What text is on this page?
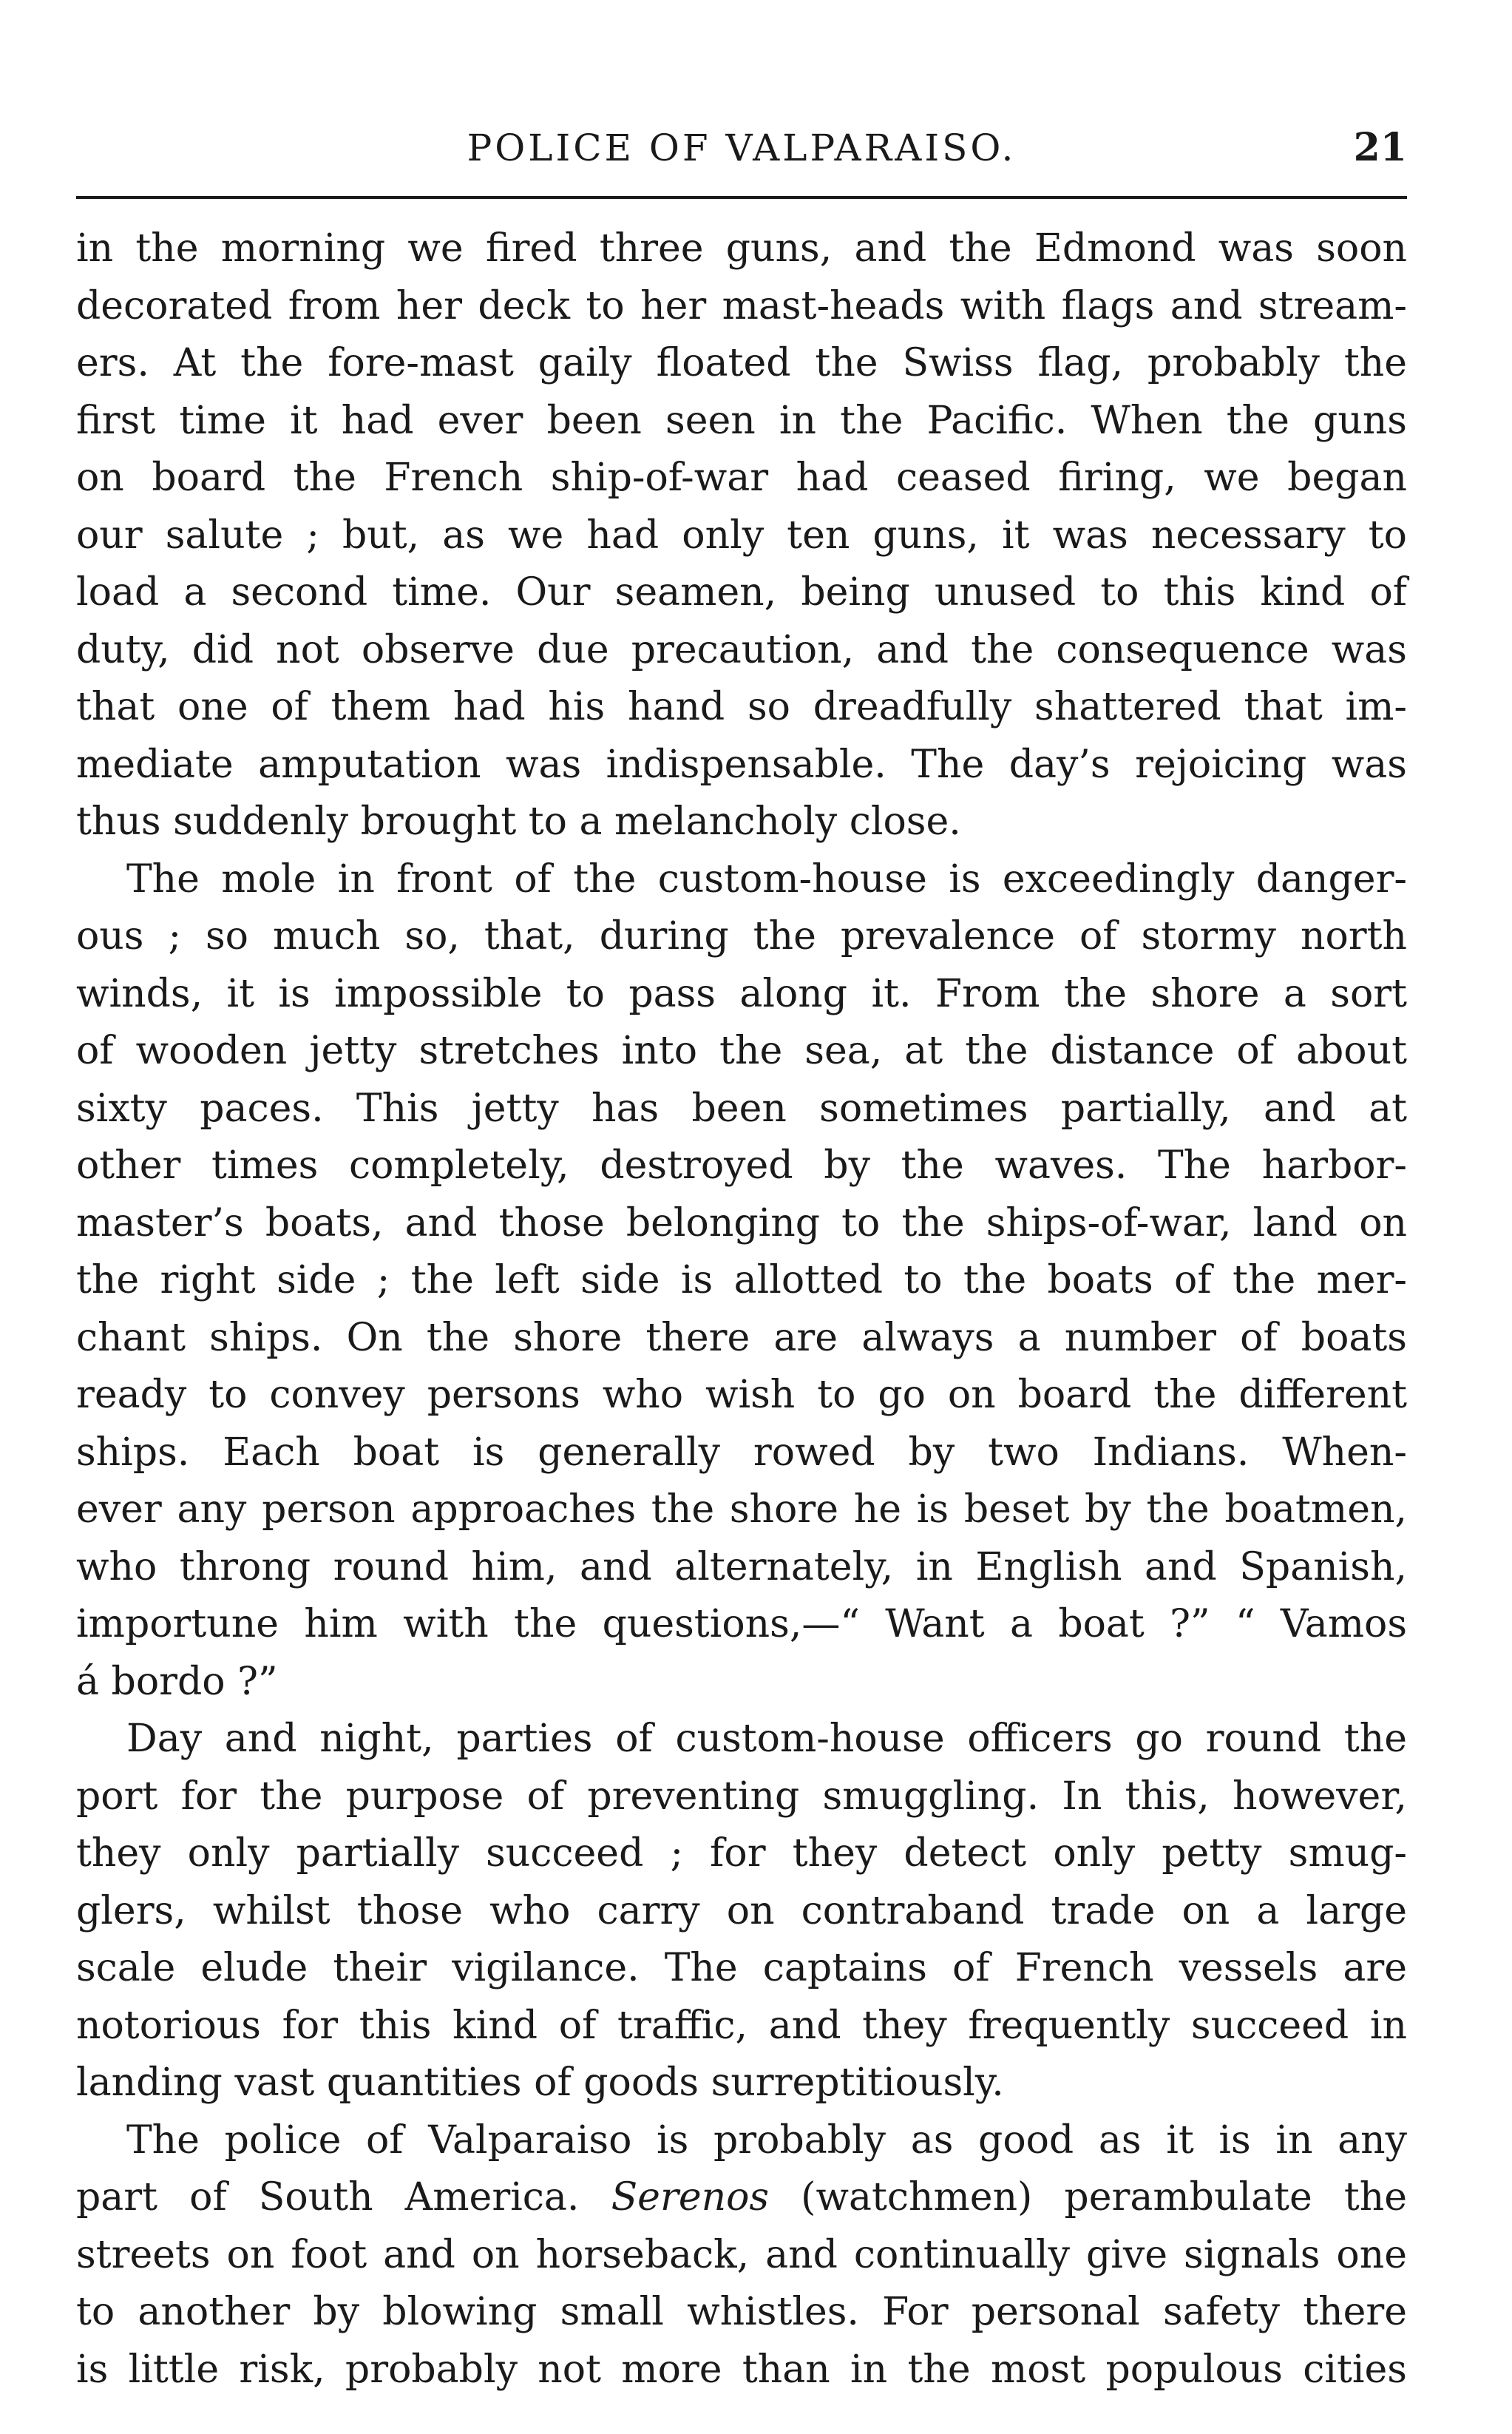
POLICE OF VALPARAISO.	21
in the morning we fired three guns, and the Edmond was soon
decorated from her deck to her mast-heads with flags and stream-
ers. At the fore-mast gaily floated the Swiss flag, probably the
first time it had ever been seen in the Pacific. When the guns
on board the French ship-of-war had ceased firing, we began
our salute ; but, as we had only ten guns, it was necessary to
load a second time. Our seamen, being unused to this kind of
duty, did not observe due precaution, and the consequence was
that one of them had his hand so dreadfully shattered that im-
mediate amputation was indispensable. The day’s rejoicing was
thus suddenly brought to a melancholy close.
The mole in front of the custom-house is exceedingly danger-
ous ; so much so, that, during the prevalence of stormy north
winds, it is impossible to pass along it. From the shore a sort
of wooden jetty stretches into the sea, at the distance of about
sixty paces. This jetty has been sometimes partially, and at
other times completely, destroyed by the waves. The harbor-
master’s boats, and those belonging to the ships-of-war, land on
the right side ; the left side is allotted to the boats of the mer-
chant ships. On the shore there are always a number of boats
ready to convey persons who wish to go on board the different
ships. Each boat is generally rowed by two Indians. When-
ever any person approaches the shore he is beset by the boatmen,
who throng round him, and alternately, in English and Spanish,
importune him with the questions,—“ Want a boat ?” “ Vamos
á bordo ?”
Day and night, parties of custom-house officers go round the
port for the purpose of preventing smuggling. In this, however,
they only partially succeed ; for they detect only petty smug-
glers, whilst those who carry on contraband trade on a large
scale elude their vigilance. The captains of French vessels are
notorious for this kind of traffic, and they frequently succeed in
landing vast quantities of goods surreptitiously.
The police of Valparaiso is probably as good as it is in any
part of South America. Serenos (watchmen) perambulate the
streets on foot and on horseback, and continually give signals one
to another by blowing small whistles. For personal safety there
is little risk, probably not more than in the most populous cities
